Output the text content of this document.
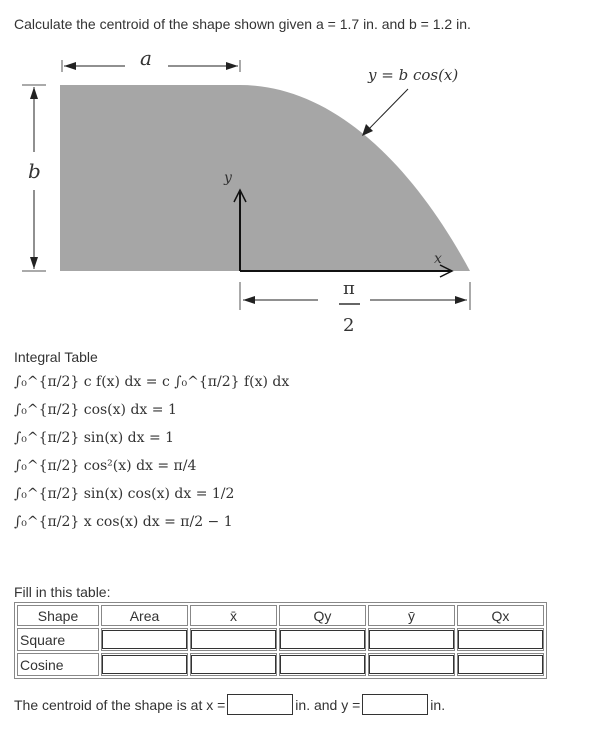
Calculate the centroid of the shape shown given a = 1.7 in. and b = 1.2 in.
a
b	y
x
y = b cos(x)
π
2
Integral Table
∫₀^{π/2} c f(x) dx = c ∫₀^{π/2} f(x) dx
∫₀^{π/2} cos(x) dx = 1
∫₀^{π/2} sin(x) dx = 1
∫₀^{π/2} cos²(x) dx = π/4
∫₀^{π/2} sin(x) cos(x) dx = 1/2
∫₀^{π/2} x cos(x) dx = π/2 − 1
Fill in this table:
Shape	Area	x̄	Qy	ȳ	Qx
Square	

Cosine	

The centroid of the shape is at x =	in. and y =	in.
